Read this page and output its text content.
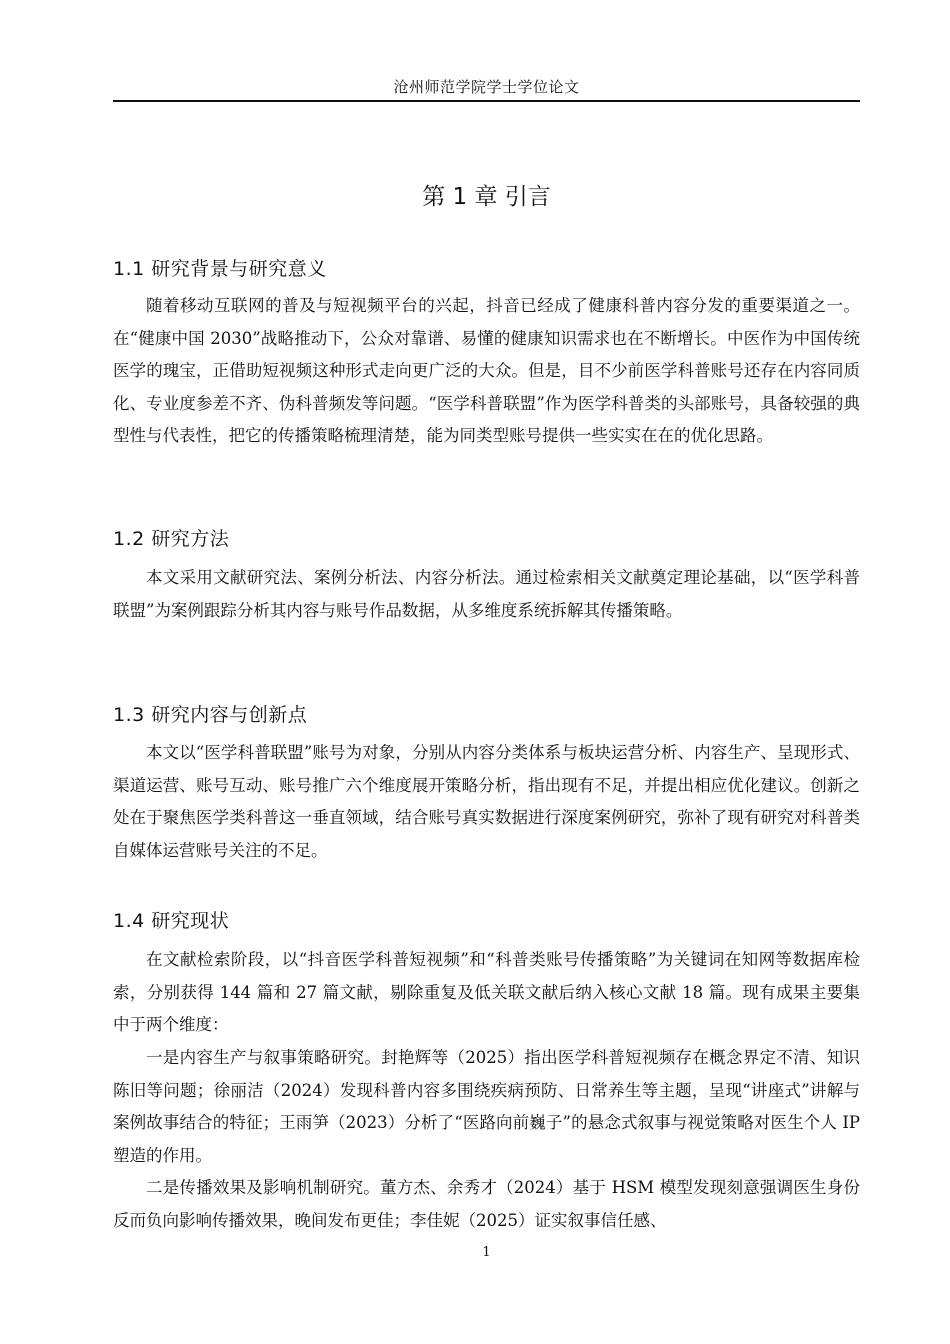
沧州师范学院学士学位论文
第 1 章 引言
1.1 研究背景与研究意义

随着移动互联网的普及与短视频平台的兴起，抖音已经成了健康科普内容分发的重要渠道之一。在“健康中国 2030”战略推动下，公众对靠谱、易懂的健康知识需求也在不断增长。中医作为中国传统医学的瑰宝，正借助短视频这种形式走向更广泛的大众。但是，目不少前医学科普账号还存在内容同质化、专业度参差不齐、伪科普频发等问题。“医学科普联盟”作为医学科普类的头部账号，具备较强的典型性与代表性，把它的传播策略梳理清楚，能为同类型账号提供一些实实在在的优化思路。

1.2 研究方法

本文采用文献研究法、案例分析法、内容分析法。通过检索相关文献奠定理论基础，以“医学科普联盟”为案例跟踪分析其内容与账号作品数据，从多维度系统拆解其传播策略。

1.3 研究内容与创新点

本文以“医学科普联盟”账号为对象，分别从内容分类体系与板块运营分析、内容生产、呈现形式、渠道运营、账号互动、账号推广六个维度展开策略分析，指出现有不足，并提出相应优化建议。创新之处在于聚焦医学类科普这一垂直领域，结合账号真实数据进行深度案例研究，弥补了现有研究对科普类自媒体运营账号关注的不足。

1.4 研究现状

在文献检索阶段，以“抖音医学科普短视频”和“科普类账号传播策略”为关键词在知网等数据库检索，分别获得 144 篇和 27 篇文献，剔除重复及低关联文献后纳入核心文献 18 篇。现有成果主要集中于两个维度：

一是内容生产与叙事策略研究。封艳辉等（2025）指出医学科普短视频存在概念界定不清、知识陈旧等问题；徐丽洁（2024）发现科普内容多围绕疾病预防、日常养生等主题，呈现“讲座式”讲解与案例故事结合的特征；王雨笋（2023）分析了“医路向前巍子”的悬念式叙事与视觉策略对医生个人 IP 塑造的作用。

二是传播效果及影响机制研究。董方杰、余秀才（2024）基于 HSM 模型发现刻意强调医生身份反而负向影响传播效果，晚间发布更佳；李佳妮（2025）证实叙事信任感、

1
